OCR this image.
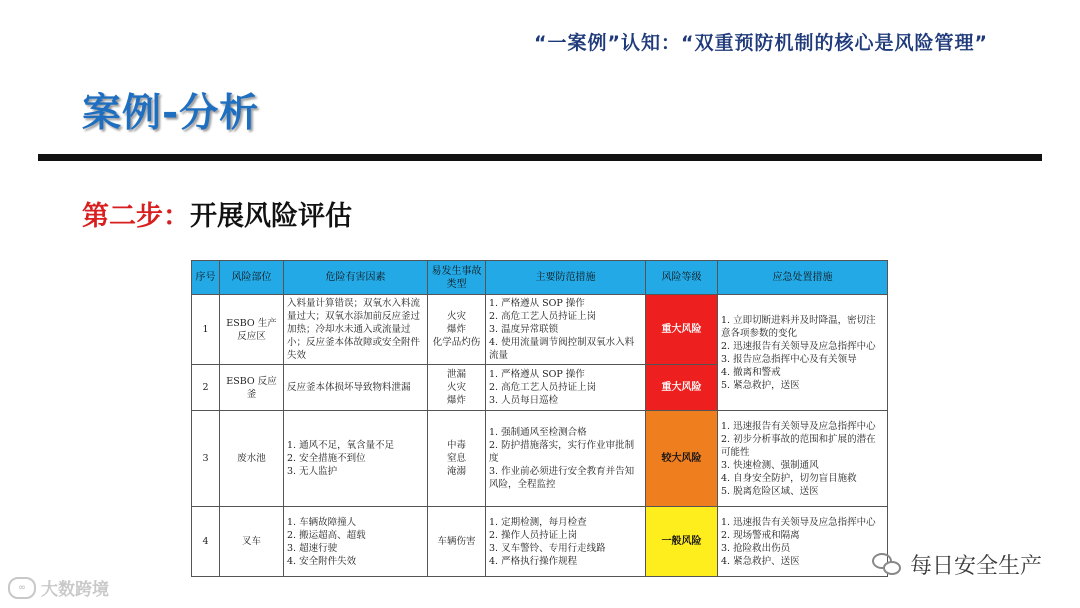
“一案例”认知：“双重预防机制的核心是风险管理”
案例-分析
第二步：开展风险评估
序号	风险部位	危险有害因素	易发生事故类型	主要防范措施	风险等级	应急处置措施
1	ESBO 生产反应区	入料量计算错误；双氧水入料流量过大；双氧水添加前反应釜过加热；冷却水未通入或流量过小；反应釜本体故障或安全附件失效	火灾
爆炸
化学品灼伤	1. 严格遵从 SOP 操作
2. 高危工艺人员持证上岗
3. 温度异常联锁
4. 使用流量调节阀控制双氧水入料流量	重大风险	1. 立即切断进料并及时降温，密切注意各项参数的变化
2. 迅速报告有关领导及应急指挥中心
3. 报告应急指挥中心及有关领导
4. 撤离和警戒
5. 紧急救护，送医

2	ESBO 反应釜	反应釜本体损坏导致物料泄漏	泄漏
火灾
爆炸	1. 严格遵从 SOP 操作
2. 高危工艺人员持证上岗
3. 人员每日巡检	重大风险	
3	废水池	1. 通风不足，氧含量不足
2. 安全措施不到位
3. 无人监护	中毒
窒息
淹溺	1. 强制通风至检测合格
2. 防护措施落实，实行作业审批制度
3. 作业前必须进行安全教育并告知风险，全程监控	较大风险	1. 迅速报告有关领导及应急指挥中心
2. 初步分析事故的范围和扩展的潜在可能性
3. 快速检测、强制通风
4. 自身安全防护，切勿盲目施救
5. 脱离危险区域、送医

4	叉车	1. 车辆故障撞人
2. 搬运超高、超载
3. 超速行驶
4. 安全附件失效	车辆伤害	1. 定期检测，每月检查
2. 操作人员持证上岗
3. 叉车警铃、专用行走线路
4. 严格执行操作规程	一般风险	1. 迅速报告有关领导及应急指挥中心
2. 现场警戒和隔离
3. 抢险救出伤员
4. 紧急救护、送医
∞ 大数跨境
每日安全生产
